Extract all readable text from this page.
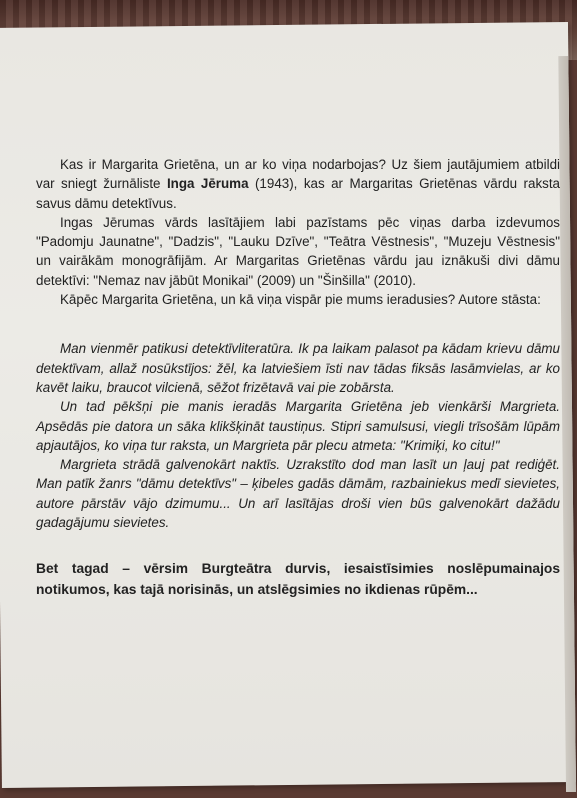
Kas ir Margarita Grietēna, un ar ko viņa nodarbojas? Uz šiem jautājumiem atbildi var sniegt žurnāliste Inga Jēruma (1943), kas ar Margaritas Grietēnas vārdu raksta savus dāmu detektīvus.

Ingas Jērumas vārds lasītājiem labi pazīstams pēc viņas darba izdevumos "Padomju Jaunatne", "Dadzis", "Lauku Dzīve", "Teātra Vēstnesis", "Muzeju Vēstnesis" un vairākām monogrāfijām. Ar Margaritas Grietēnas vārdu jau iznākuši divi dāmu detektīvi: "Nemaz nav jābūt Monikai" (2009) un "Šinšilla" (2010).

Kāpēc Margarita Grietēna, un kā viņa vispār pie mums ieradusies? Autore stāsta:

Man vienmēr patikusi detektīvliteratūra. Ik pa laikam palasot pa kādam krievu dāmu detektīvam, allaž nosūkstījos: žēl, ka latviešiem īsti nav tādas fiksās lasāmvielas, ar ko kavēt laiku, braucot vilcienā, sēžot frizētavā vai pie zobārsta.

Un tad pēkšņi pie manis ieradās Margarita Grietēna jeb vienkārši Margrieta. Apsēdās pie datora un sāka klikšķināt taustiņus. Stipri samulsusi, viegli trīsošām lūpām apjautājos, ko viņa tur raksta, un Margrieta pār plecu atmeta: "Krimiķi, ko citu!"

Margrieta strādā galvenokārt naktīs. Uzrakstīto dod man lasīt un ļauj pat rediģēt. Man patīk žanrs "dāmu detektīvs" – ķibeles gadās dāmām, razbainiekus medī sievietes, autore pārstāv vājo dzimumu... Un arī lasītājas droši vien būs galvenokārt dažādu gadagājumu sievietes.

Bet tagad – vērsim Burgteātra durvis, iesaistīsimies noslēpumainajos notikumos, kas tajā norisinās, un atslēgsimies no ikdienas rūpēm...
